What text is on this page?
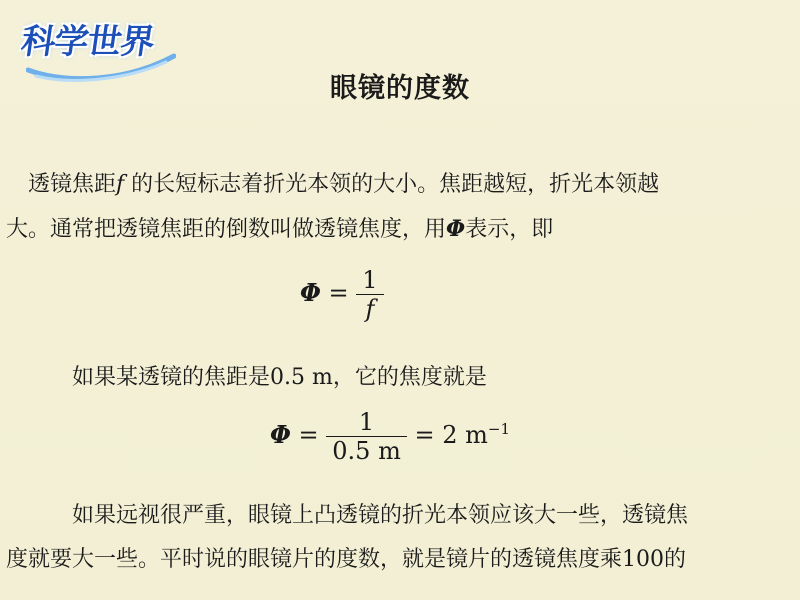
科学世界
眼镜的度数
透镜焦距f 的长短标志着折光本领的大小。焦距越短，折光本领越
大。通常把透镜焦距的倒数叫做透镜焦度，用Φ表示，即
$\Phi = \frac{1}{f}$
如果某透镜的焦距是0.5 m，它的焦度就是
$\Phi = \frac{1}{0.5 m} = 2$ $m^{-1}$
如果远视很严重，眼镜上凸透镜的折光本领应该大一些，透镜焦
度就要大一些。平时说的眼镜片的度数，就是镜片的透镜焦度乘100的
